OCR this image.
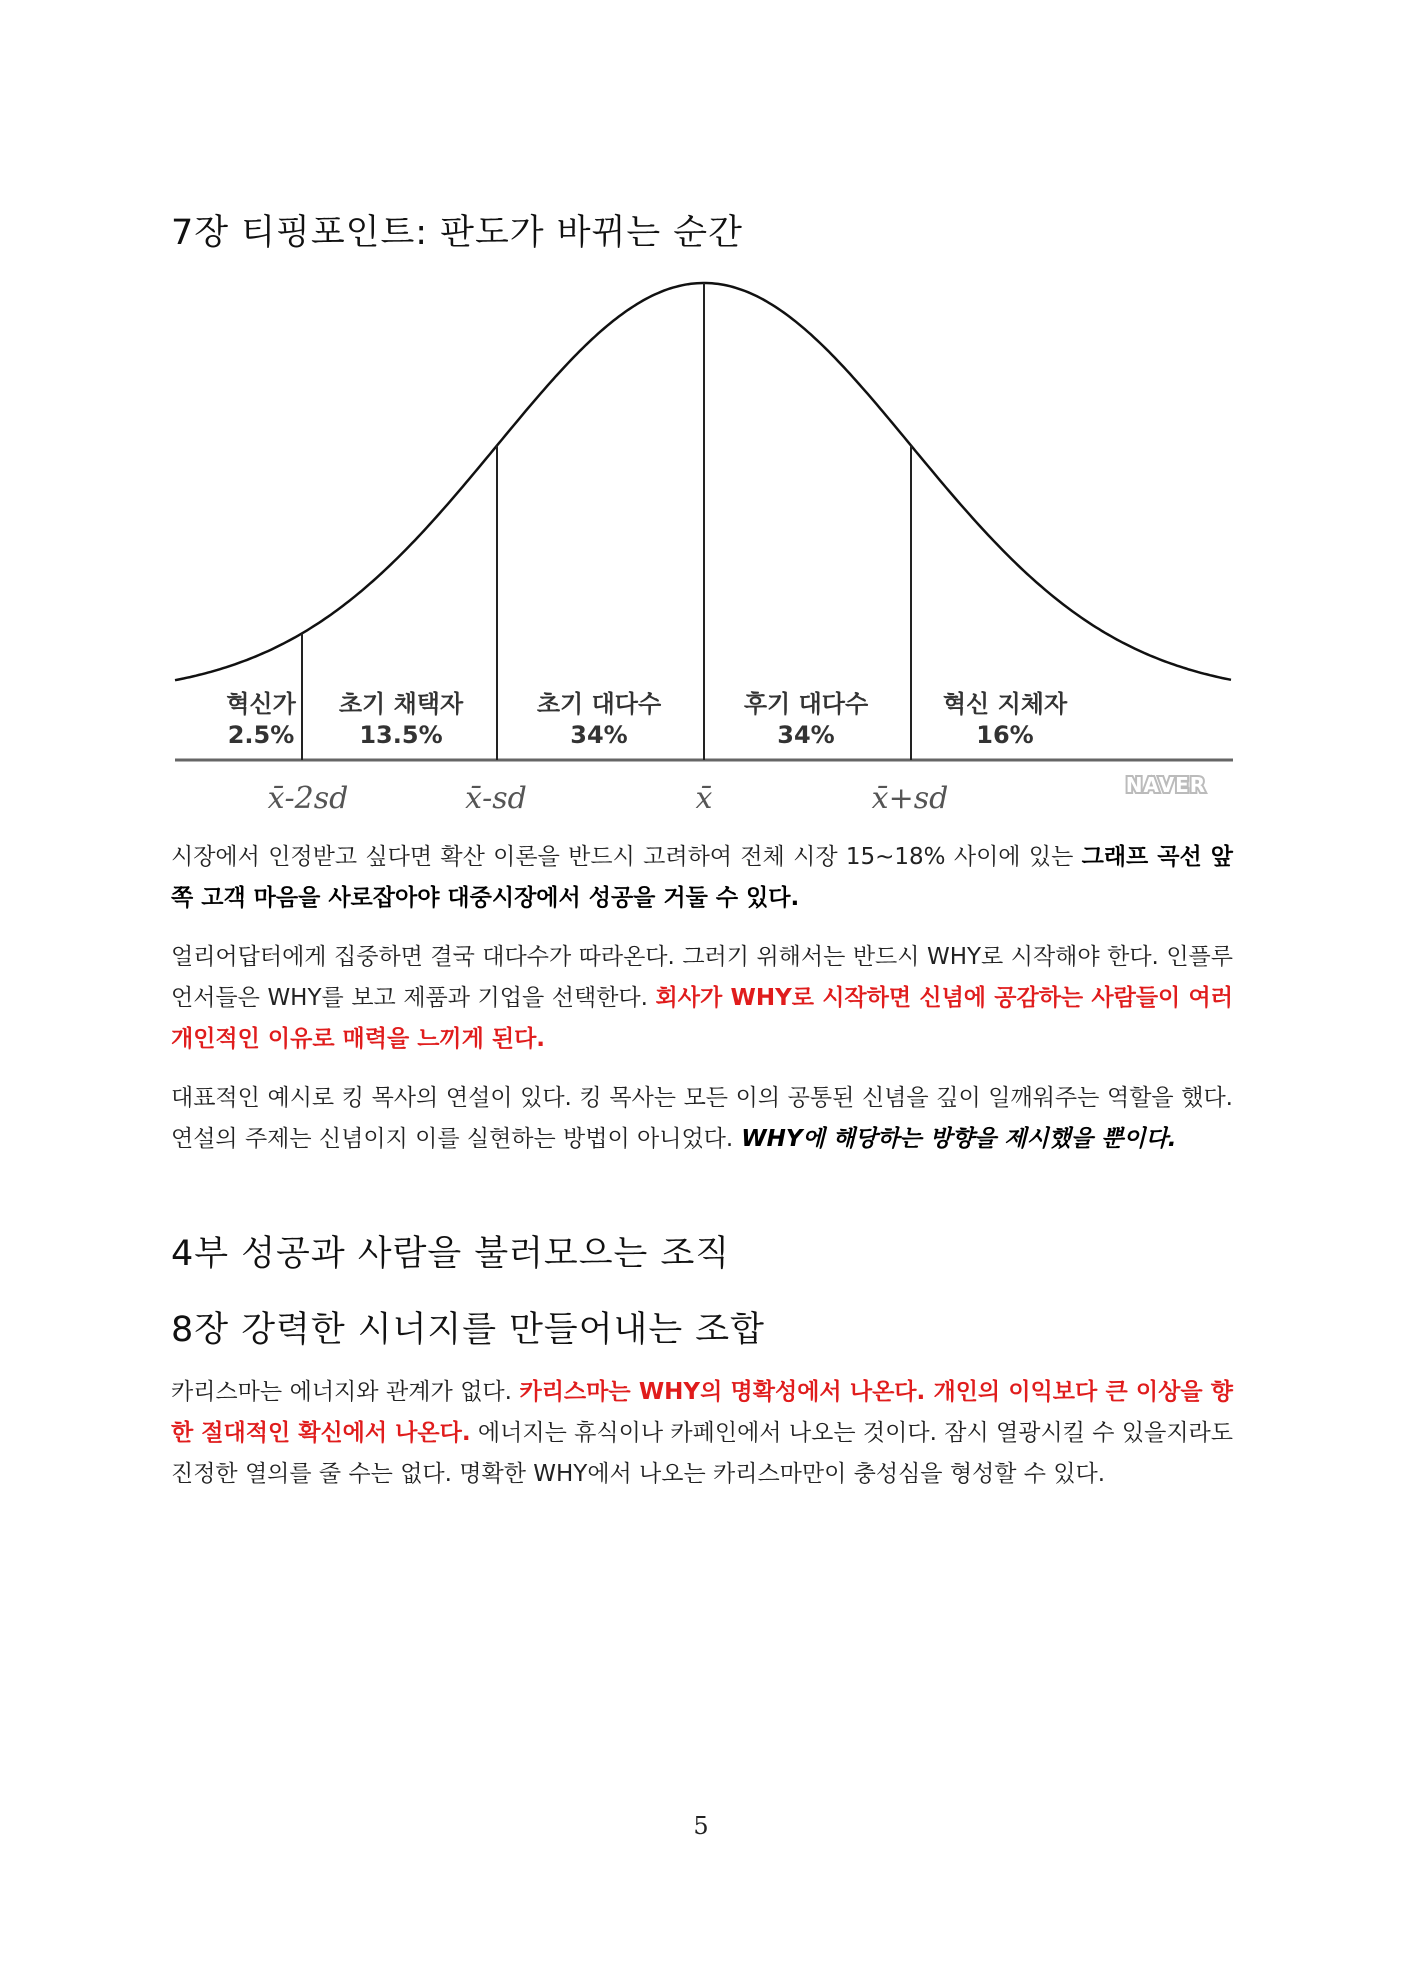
7장 티핑포인트: 판도가 바뀌는 순간
혁신가
2.5%
초기 채택자
13.5%
초기 대다수
34%
후기 대다수
34%
혁신 지체자
16%
x̄-2sd	x̄-sd	x̄	x̄+sd	NAVER

시장에서 인정받고 싶다면 확산 이론을 반드시 고려하여 전체 시장 15~18% 사이에 있는 그래프 곡선 앞쪽 고객 마음을 사로잡아야 대중시장에서 성공을 거둘 수 있다.

얼리어답터에게 집중하면 결국 대다수가 따라온다. 그러기 위해서는 반드시 WHY로 시작해야 한다. 인플루언서들은 WHY를 보고 제품과 기업을 선택한다. 회사가 WHY로 시작하면 신념에 공감하는 사람들이 여러 개인적인 이유로 매력을 느끼게 된다.

대표적인 예시로 킹 목사의 연설이 있다. 킹 목사는 모든 이의 공통된 신념을 깊이 일깨워주는 역할을 했다. 연설의 주제는 신념이지 이를 실현하는 방법이 아니었다. WHY에 해당하는 방향을 제시했을 뿐이다.

4부 성공과 사람을 불러모으는 조직
8장 강력한 시너지를 만들어내는 조합

카리스마는 에너지와 관계가 없다. 카리스마는 WHY의 명확성에서 나온다. 개인의 이익보다 큰 이상을 향한 절대적인 확신에서 나온다. 에너지는 휴식이나 카페인에서 나오는 것이다. 잠시 열광시킬 수 있을지라도 진정한 열의를 줄 수는 없다. 명확한 WHY에서 나오는 카리스마만이 충성심을 형성할 수 있다.

5
